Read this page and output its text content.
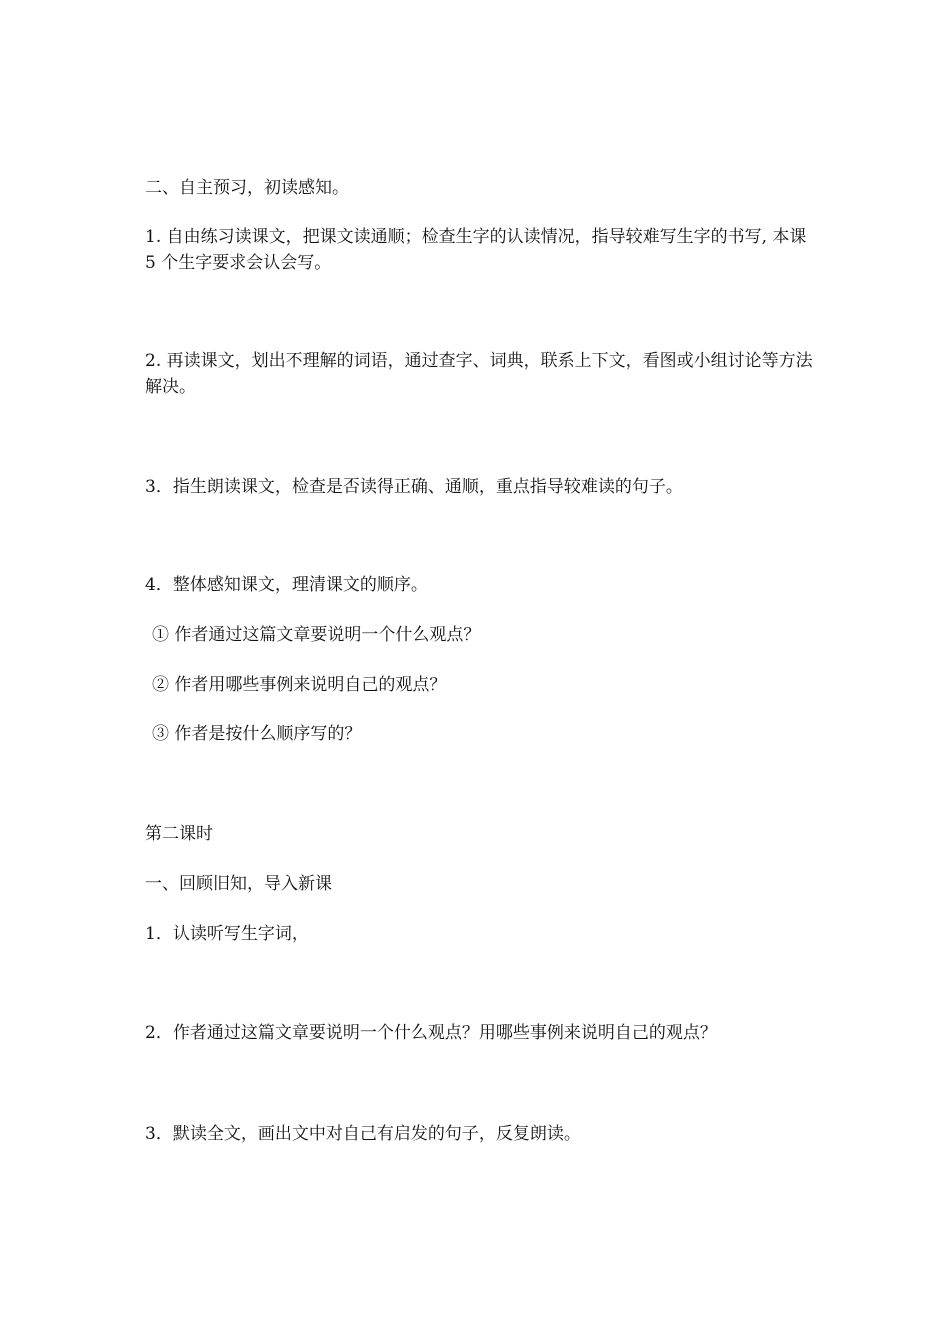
二、自主预习，初读感知。

1. 自由练习读课文，把课文读通顺；检查生字的认读情况，指导较难写生字的书写, 本课 5 个生字要求会认会写。

2. 再读课文，划出不理解的词语，通过查字、词典，联系上下文，看图或小组讨论等方法解决。

3．指生朗读课文，检查是否读得正确、通顺，重点指导较难读的句子。

4．整体感知课文，理清课文的顺序。

① 作者通过这篇文章要说明一个什么观点？

② 作者用哪些事例来说明自己的观点？

③ 作者是按什么顺序写的？

第二课时

一、回顾旧知，导入新课

1．认读听写生字词，

2．作者通过这篇文章要说明一个什么观点？用哪些事例来说明自己的观点？

3．默读全文，画出文中对自己有启发的句子，反复朗读。
